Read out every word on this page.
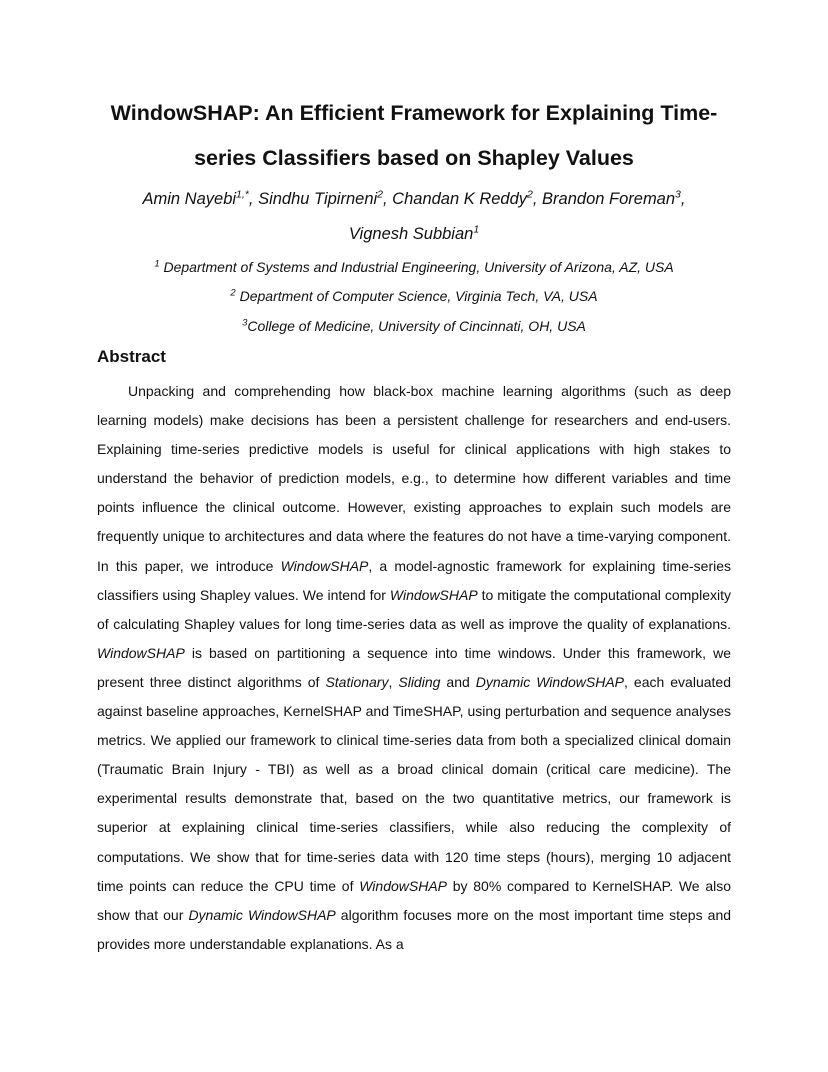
WindowSHAP: An Efficient Framework for Explaining Time-
series Classifiers based on Shapley Values
Amin Nayebi$^{1,*}$, Sindhu Tipirneni$^2$, Chandan K Reddy$^2$, Brandon Foreman$^3$,
Vignesh Subbian$^1$
$^1$ Department of Systems and Industrial Engineering, University of Arizona, AZ, USA
$^2$ Department of Computer Science, Virginia Tech, VA, USA
$^3$College of Medicine, University of Cincinnati, OH, USA
Abstract

Unpacking and comprehending how black-box machine learning algorithms (such as deep learning models) make decisions has been a persistent challenge for researchers and end-users. Explaining time-series predictive models is useful for clinical applications with high stakes to understand the behavior of prediction models, e.g., to determine how different variables and time points influence the clinical outcome. However, existing approaches to explain such models are frequently unique to architectures and data where the features do not have a time-varying component. In this paper, we introduce WindowSHAP, a model-agnostic framework for explaining time-series classifiers using Shapley values. We intend for WindowSHAP to mitigate the computational complexity of calculating Shapley values for long time-series data as well as improve the quality of explanations. WindowSHAP is based on partitioning a sequence into time windows. Under this framework, we present three distinct algorithms of Stationary, Sliding and Dynamic WindowSHAP, each evaluated against baseline approaches, KernelSHAP and TimeSHAP, using perturbation and sequence analyses metrics. We applied our framework to clinical time-series data from both a specialized clinical domain (Traumatic Brain Injury - TBI) as well as a broad clinical domain (critical care medicine). The experimental results demonstrate that, based on the two quantitative metrics, our framework is superior at explaining clinical time-series classifiers, while also reducing the complexity of computations. We show that for time-series data with 120 time steps (hours), merging 10 adjacent time points can reduce the CPU time of WindowSHAP by 80% compared to KernelSHAP. We also show that our Dynamic WindowSHAP algorithm focuses more on the most important time steps and provides more understandable explanations. As a
